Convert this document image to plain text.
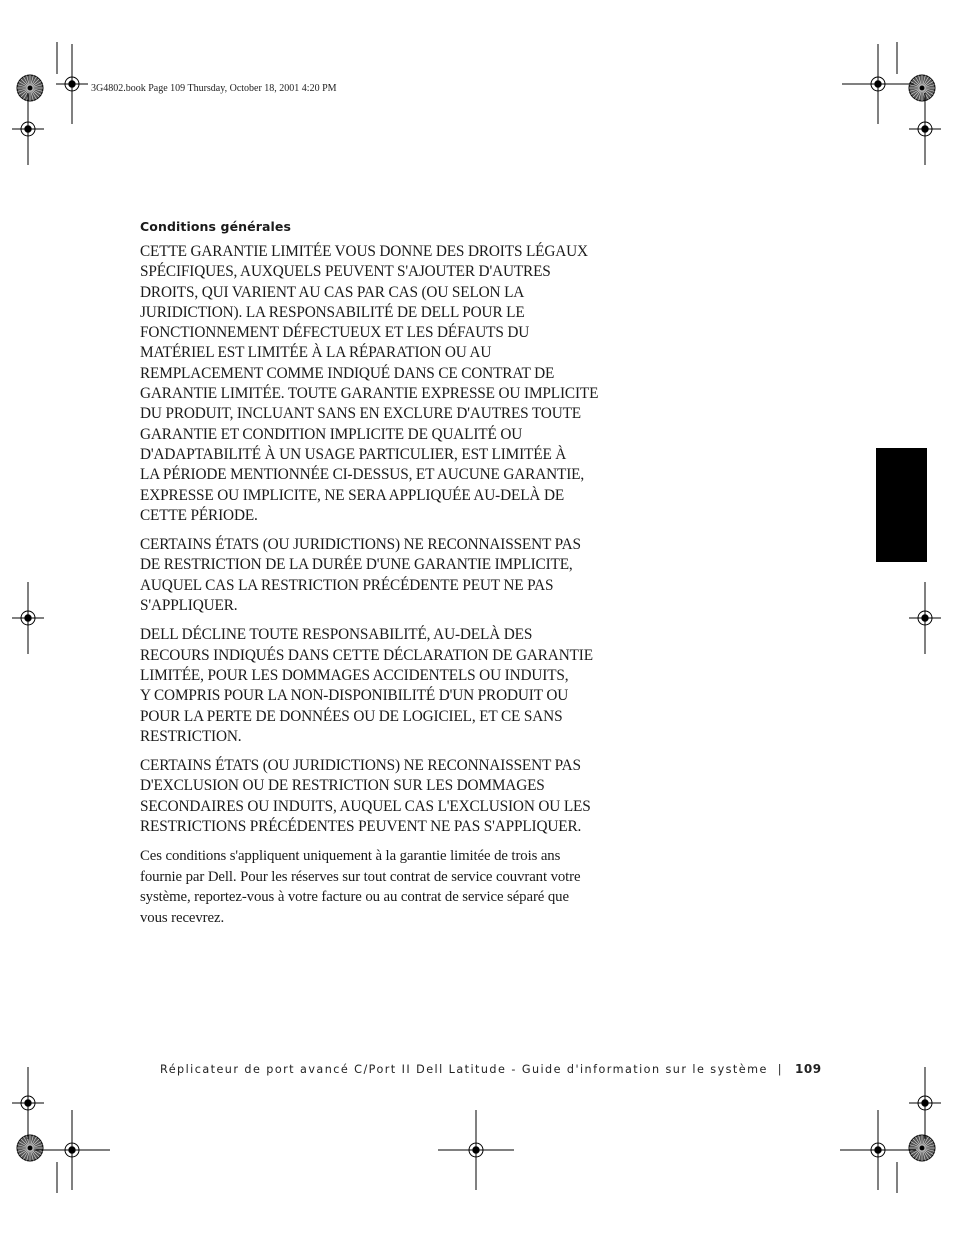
3G4802.book Page 109 Thursday, October 18, 2001 4:20 PM
Conditions générales

CETTE GARANTIE LIMITÉE VOUS DONNE DES DROITS LÉGAUX
SPÉCIFIQUES, AUXQUELS PEUVENT S'AJOUTER D'AUTRES
DROITS, QUI VARIENT AU CAS PAR CAS (OU SELON LA
JURIDICTION). LA RESPONSABILITÉ DE DELL POUR LE
FONCTIONNEMENT DÉFECTUEUX ET LES DÉFAUTS DU
MATÉRIEL EST LIMITÉE À LA RÉPARATION OU AU
REMPLACEMENT COMME INDIQUÉ DANS CE CONTRAT DE
GARANTIE LIMITÉE. TOUTE GARANTIE EXPRESSE OU IMPLICITE
DU PRODUIT, INCLUANT SANS EN EXCLURE D'AUTRES TOUTE
GARANTIE ET CONDITION IMPLICITE DE QUALITÉ OU
D'ADAPTABILITÉ À UN USAGE PARTICULIER, EST LIMITÉE À
LA PÉRIODE MENTIONNÉE CI-DESSUS, ET AUCUNE GARANTIE,
EXPRESSE OU IMPLICITE, NE SERA APPLIQUÉE AU-DELÀ DE
CETTE PÉRIODE.

CERTAINS ÉTATS (OU JURIDICTIONS) NE RECONNAISSENT PAS
DE RESTRICTION DE LA DURÉE D'UNE GARANTIE IMPLICITE,
AUQUEL CAS LA RESTRICTION PRÉCÉDENTE PEUT NE PAS
S'APPLIQUER.

DELL DÉCLINE TOUTE RESPONSABILITÉ, AU-DELÀ DES
RECOURS INDIQUÉS DANS CETTE DÉCLARATION DE GARANTIE
LIMITÉE, POUR LES DOMMAGES ACCIDENTELS OU INDUITS,
Y COMPRIS POUR LA NON-DISPONIBILITÉ D'UN PRODUIT OU
POUR LA PERTE DE DONNÉES OU DE LOGICIEL, ET CE SANS
RESTRICTION.

CERTAINS ÉTATS (OU JURIDICTIONS) NE RECONNAISSENT PAS
D'EXCLUSION OU DE RESTRICTION SUR LES DOMMAGES
SECONDAIRES OU INDUITS, AUQUEL CAS L'EXCLUSION OU LES
RESTRICTIONS PRÉCÉDENTES PEUVENT NE PAS S'APPLIQUER.

Ces conditions s'appliquent uniquement à la garantie limitée de trois ans
fournie par Dell. Pour les réserves sur tout contrat de service couvrant votre
système, reportez-vous à votre facture ou au contrat de service séparé que
vous recevrez.

Réplicateur de port avancé C/Port II Dell Latitude - Guide d'information sur le système | 109
